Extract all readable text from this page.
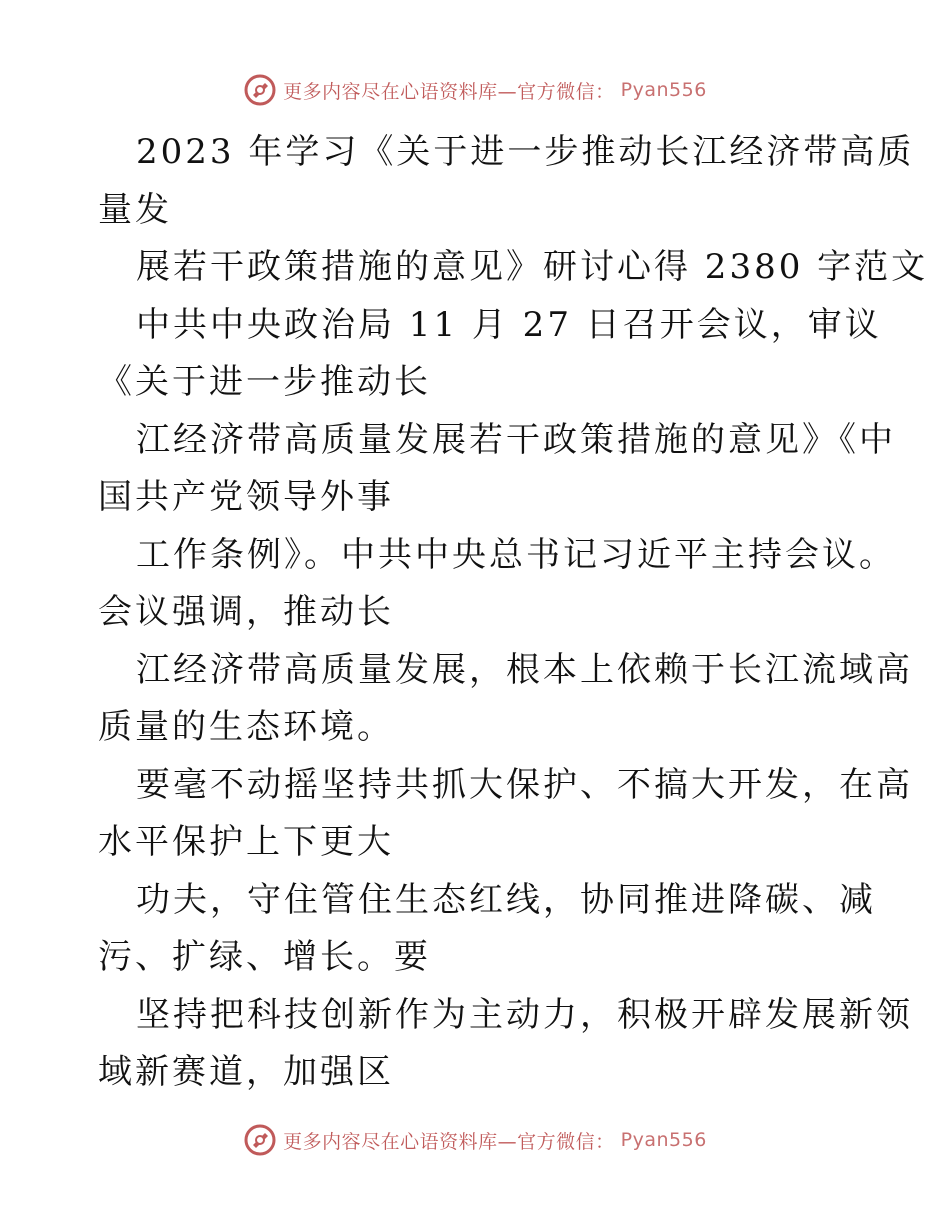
更多内容尽在心语资料库—官方微信： Pyan556
2023 年学习《关于进一步推动长江经济带高质
量发
展若干政策措施的意见》研讨心得 2380 字范文
中共中央政治局 11 月 27 日召开会议，审议
《关于进一步推动长
江经济带高质量发展若干政策措施的意见》《中
国共产党领导外事
工作条例》。中共中央总书记习近平主持会议。
会议强调，推动长
江经济带高质量发展，根本上依赖于长江流域高
质量的生态环境。
要毫不动摇坚持共抓大保护、不搞大开发，在高
水平保护上下更大
功夫，守住管住生态红线，协同推进降碳、减
污、扩绿、增长。要
坚持把科技创新作为主动力，积极开辟发展新领
域新赛道，加强区
更多内容尽在心语资料库—官方微信： Pyan556
